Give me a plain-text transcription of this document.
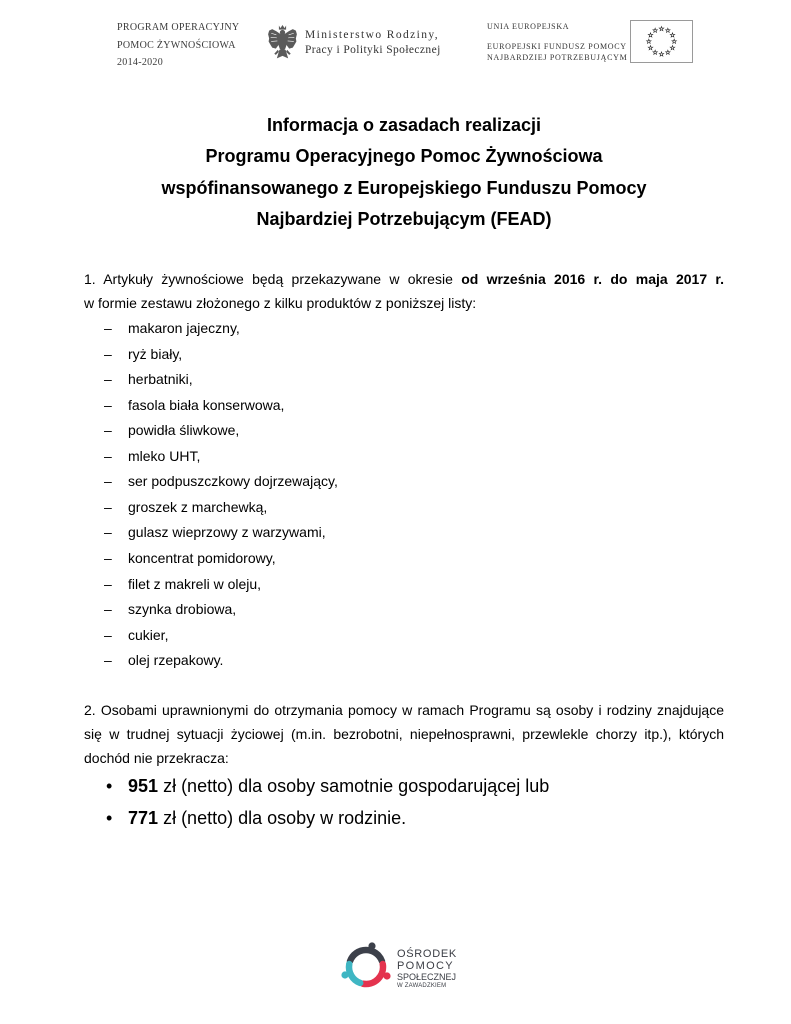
PROGRAM OPERACYJNY
POMOC ŻYWNOŚCIOWA
2014-2020
Ministerstwo Rodziny,
Pracy i Polityki Społecznej
UNIA EUROPEJSKA
EUROPEJSKI FUNDUSZ POMOCY
NAJBARDZIEJ POTRZEBUJĄCYM
Informacja o zasadach realizacji
Programu Operacyjnego Pomoc Żywnościowa
wspófinansowanego z Europejskiego Funduszu Pomocy
Najbardziej Potrzebującym (FEAD)
1. Artykuły żywnościowe będą przekazywane w okresie od września 2016 r. do maja 2017 r.
w formie zestawu złożonego z kilku produktów z poniższej listy:
– makaron jajeczny,
– ryż biały,
– herbatniki,
– fasola biała konserwowa,
– powidła śliwkowe,
– mleko UHT,
– ser podpuszczkowy dojrzewający,
– groszek z marchewką,
– gulasz wieprzowy z warzywami,
– koncentrat pomidorowy,
– filet z makreli w oleju,
– szynka drobiowa,
– cukier,
– olej rzepakowy.
2. Osobami uprawnionymi do otrzymania pomocy w ramach Programu są osoby i rodziny znajdujące
się w trudnej sytuacji życiowej (m.in. bezrobotni, niepełnosprawni, przewlekle chorzy itp.), których
dochód nie przekracza:
• 951 zł (netto) dla osoby samotnie gospodarującej lub
• 771 zł (netto) dla osoby w rodzinie.
OŚRODEK
POMOCY
SPOŁECZNEJ
W ZAWADZKIEM
